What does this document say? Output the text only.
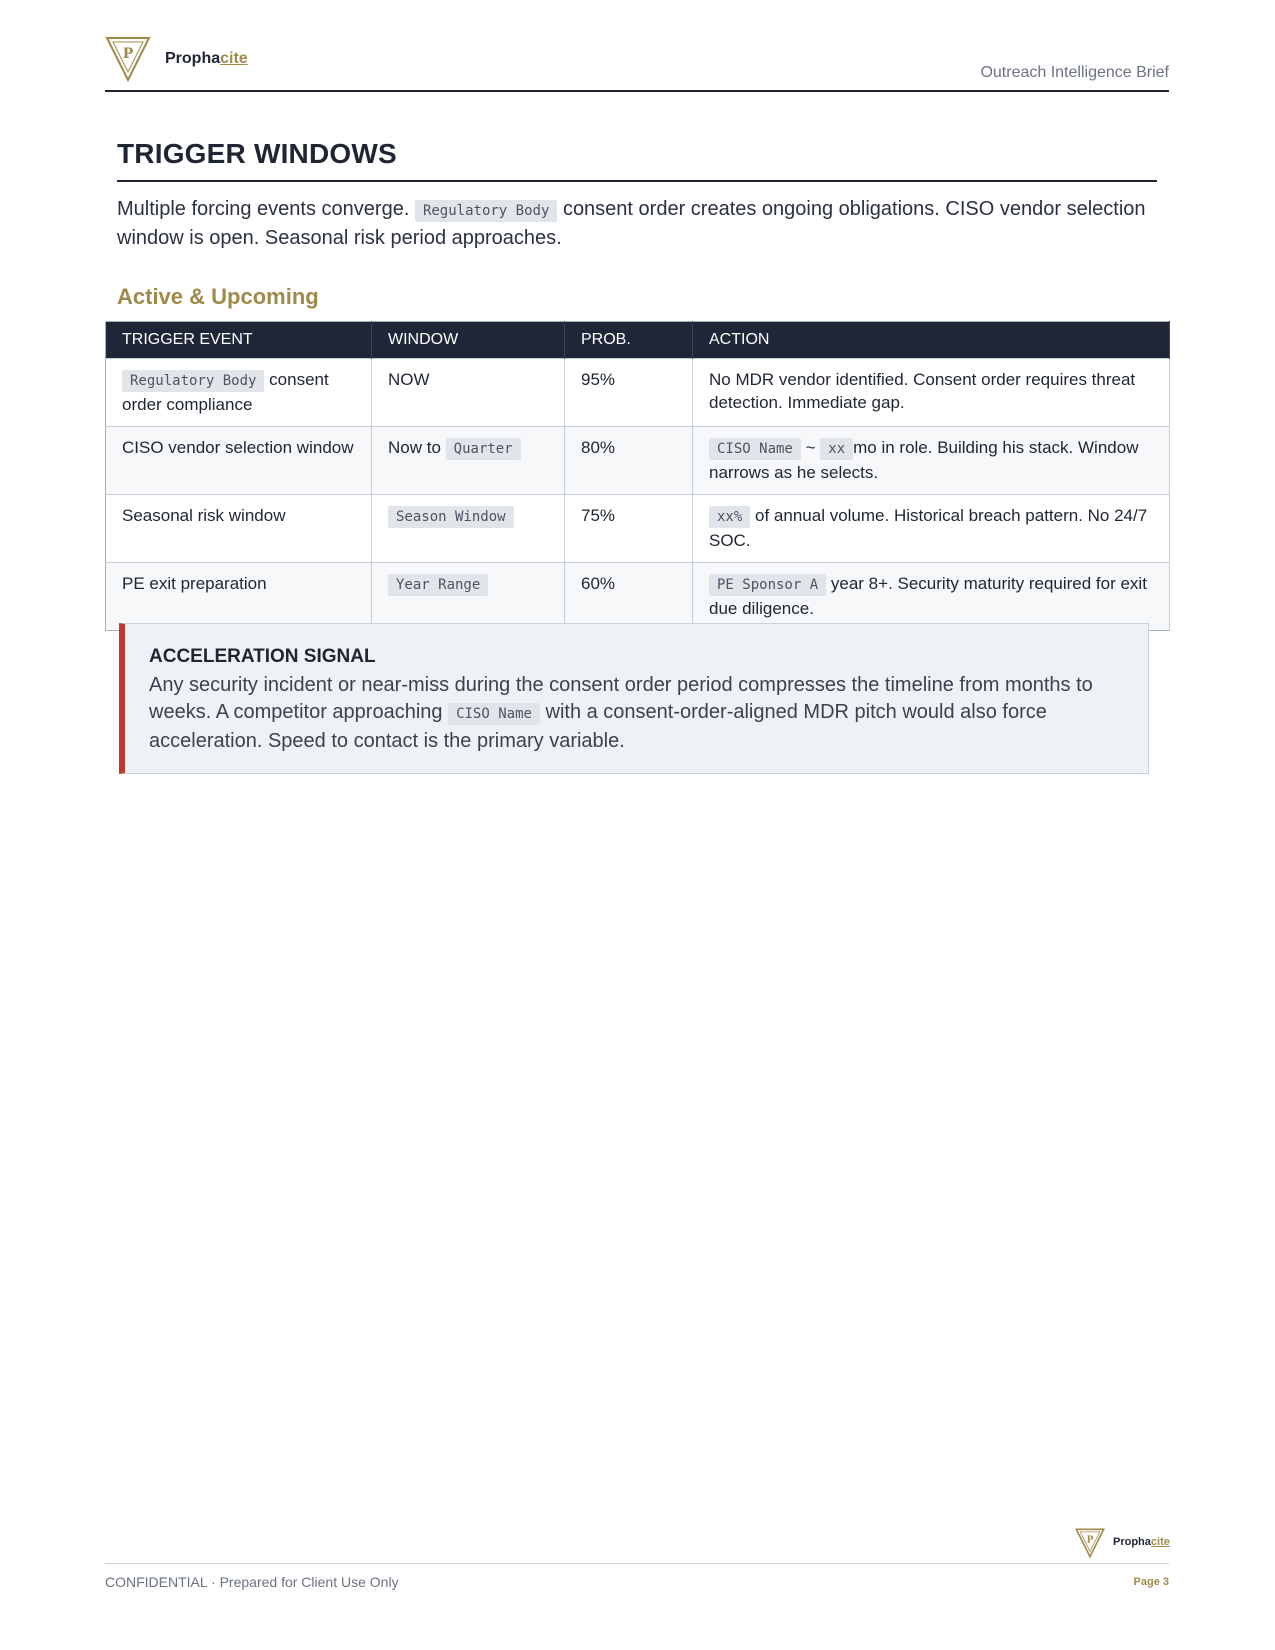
P Prophacite
Outreach Intelligence Brief
TRIGGER WINDOWS
Multiple forcing events converge. Regulatory Body consent order creates ongoing obligations. CISO vendor selection window is open. Seasonal risk period approaches.
Active & Upcoming
TRIGGER EVENT	WINDOW	PROB.	ACTION
Regulatory Body consent order compliance	NOW	95%	No MDR vendor identified. Consent order requires threat detection. Immediate gap.
CISO vendor selection window	Now to Quarter	80%	CISO Name ~ xx mo in role. Building his stack. Window narrows as he selects.
Seasonal risk window	Season Window	75%	xx% of annual volume. Historical breach pattern. No 24/7 SOC.
PE exit preparation	Year Range	60%	PE Sponsor A year 8+. Security maturity required for exit due diligence.
ACCELERATION SIGNAL
Any security incident or near-miss during the consent order period compresses the timeline from months to weeks. A competitor approaching CISO Name with a consent-order-aligned MDR pitch would also force acceleration. Speed to contact is the primary variable.
P Prophacite
CONFIDENTIAL · Prepared for Client Use Only	Page 3
